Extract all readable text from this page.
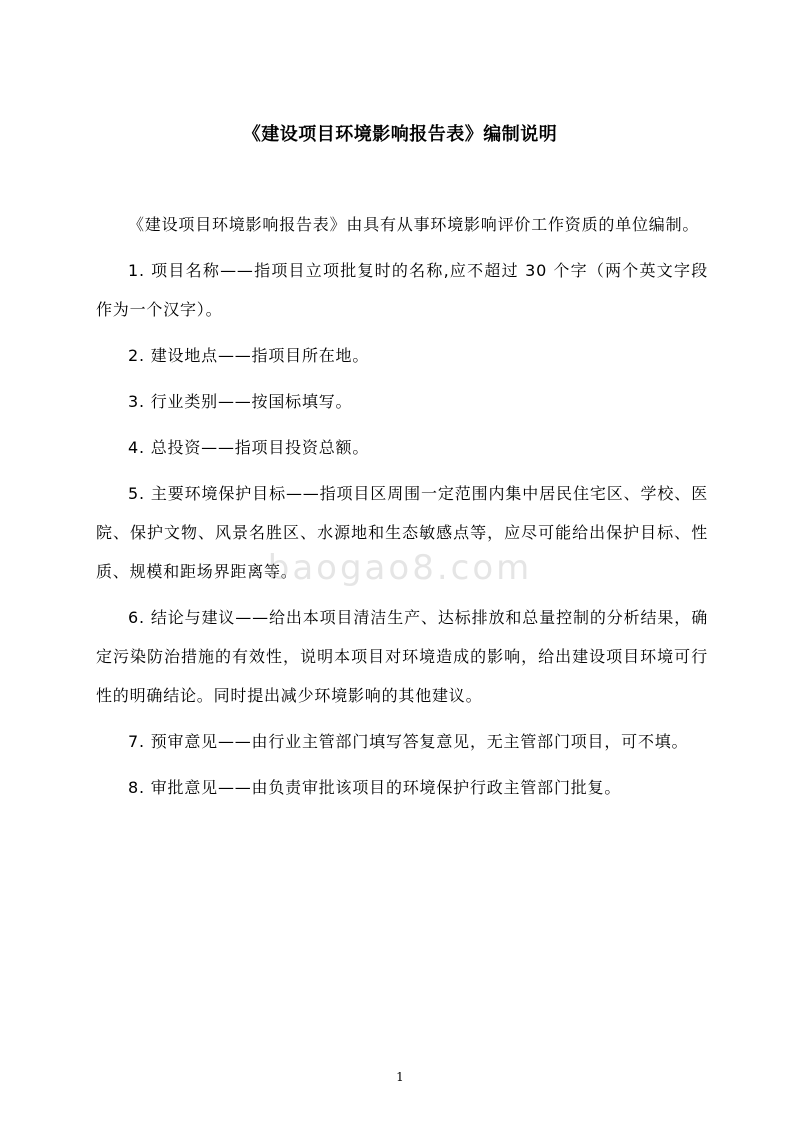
《建设项目环境影响报告表》编制说明

《建设项目环境影响报告表》由具有从事环境影响评价工作资质的单位编制。

1. 项目名称——指项目立项批复时的名称,应不超过 30 个字（两个英文字段作为一个汉字）。

2. 建设地点——指项目所在地。

3. 行业类别——按国标填写。

4. 总投资——指项目投资总额。

5. 主要环境保护目标——指项目区周围一定范围内集中居民住宅区、学校、医院、保护文物、风景名胜区、水源地和生态敏感点等，应尽可能给出保护目标、性质、规模和距场界距离等。

6. 结论与建议——给出本项目清洁生产、达标排放和总量控制的分析结果，确定污染防治措施的有效性，说明本项目对环境造成的影响，给出建设项目环境可行性的明确结论。同时提出减少环境影响的其他建议。

7. 预审意见——由行业主管部门填写答复意见，无主管部门项目，可不填。

8. 审批意见——由负责审批该项目的环境保护行政主管部门批复。

baogao8.com
1
